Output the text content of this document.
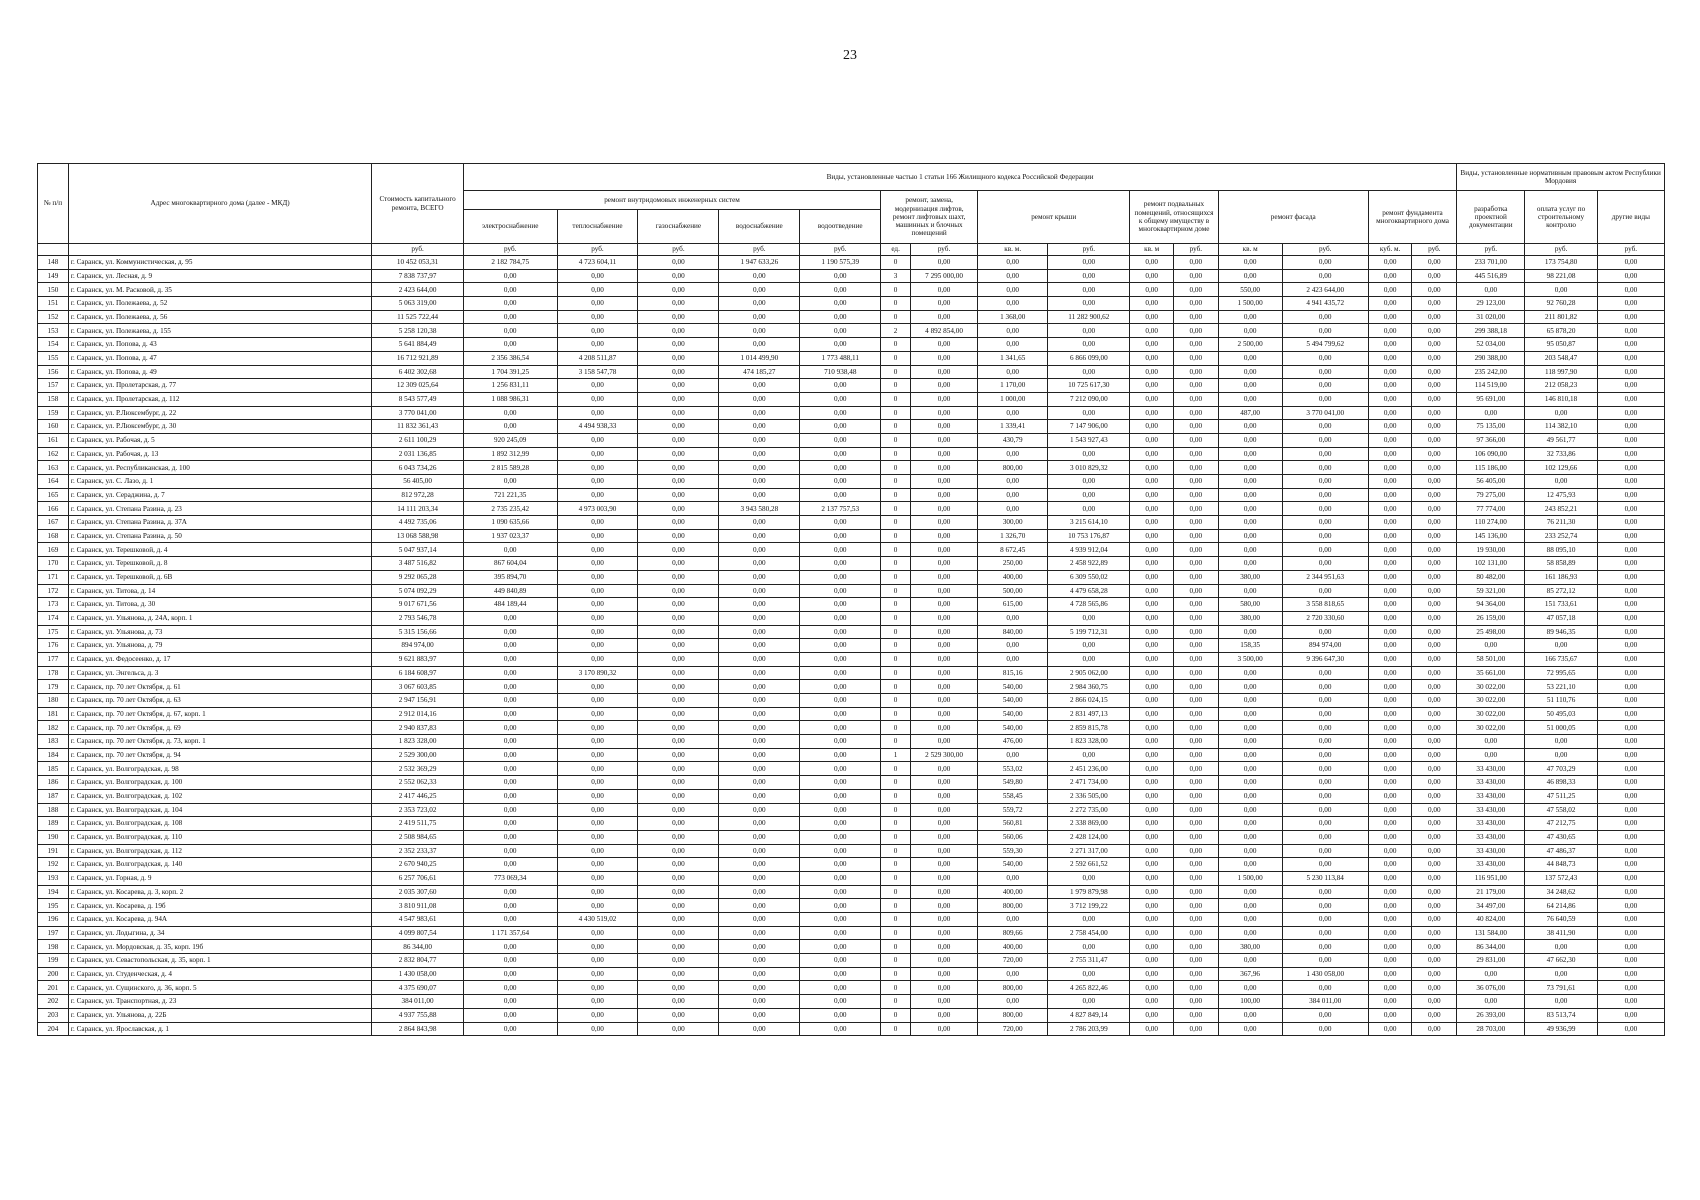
23
№ п/п	Адрес многоквартирного дома (далее - МКД)	Стоимость капитального ремонта, ВСЕГО	Виды, установленные частью 1 статьи 166 Жилищного кодекса Российской Федерации															Виды, установленные нормативным правовым актом Республики Мордовия		
			ремонт внутридомовых инженерных систем					ремонт, замена, модернизация лифтов, ремонт лифтовых шахт, машинных и блочных помещений		ремонт крыши		ремонт подвальных помещений, относящихся к общему имуществу в многоквартирном доме		ремонт фасада		ремонт фундамента многоквартирного дома		разработка проектной документации	оплата услуг по строительному контролю	другие виды
			электроснабжение	теплоснабжение	газоснабжение	водоснабжение	водоотведение													
		руб.	руб.	руб.	руб.	руб.	руб.	ед.	руб.	кв. м.	руб.	кв. м	руб.	кв. м	руб.	куб. м.	руб.	руб.	руб.	руб.
148	г. Саранск, ул. Коммунистическая, д. 95	10 452 053,31	2 182 784,75	4 723 604,11	0,00	1 947 633,26	1 190 575,39	0	0,00	0,00	0,00	0,00	0,00	0,00	0,00	0,00	0,00	233 701,00	173 754,80	0,00
149	г. Саранск, ул. Лесная, д. 9	7 838 737,97	0,00	0,00	0,00	0,00	0,00	3	7 295 000,00	0,00	0,00	0,00	0,00	0,00	0,00	0,00	0,00	445 516,89	98 221,08	0,00
150	г. Саранск, ул. М. Расковой, д. 35	2 423 644,00	0,00	0,00	0,00	0,00	0,00	0	0,00	0,00	0,00	0,00	0,00	550,00	2 423 644,00	0,00	0,00	0,00	0,00	0,00
151	г. Саранск, ул. Полежаева, д. 52	5 063 319,00	0,00	0,00	0,00	0,00	0,00	0	0,00	0,00	0,00	0,00	0,00	1 500,00	4 941 435,72	0,00	0,00	29 123,00	92 760,28	0,00
152	г. Саранск, ул. Полежаева, д. 56	11 525 722,44	0,00	0,00	0,00	0,00	0,00	0	0,00	1 368,00	11 282 900,62	0,00	0,00	0,00	0,00	0,00	0,00	31 020,00	211 801,82	0,00
153	г. Саранск, ул. Полежаева, д. 155	5 258 120,38	0,00	0,00	0,00	0,00	0,00	2	4 892 854,00	0,00	0,00	0,00	0,00	0,00	0,00	0,00	0,00	299 388,18	65 878,20	0,00
154	г. Саранск, ул. Попова, д. 43	5 641 884,49	0,00	0,00	0,00	0,00	0,00	0	0,00	0,00	0,00	0,00	0,00	2 500,00	5 494 799,62	0,00	0,00	52 034,00	95 050,87	0,00
155	г. Саранск, ул. Попова, д. 47	16 712 921,89	2 356 386,54	4 208 511,87	0,00	1 014 499,90	1 773 488,11	0	0,00	1 341,65	6 866 099,00	0,00	0,00	0,00	0,00	0,00	0,00	290 388,00	203 548,47	0,00
156	г. Саранск, ул. Попова, д. 49	6 402 302,68	1 704 391,25	3 158 547,78	0,00	474 185,27	710 938,48	0	0,00	0,00	0,00	0,00	0,00	0,00	0,00	0,00	0,00	235 242,00	118 997,90	0,00
157	г. Саранск, ул. Пролетарская, д. 77	12 309 025,64	1 256 831,11	0,00	0,00	0,00	0,00	0	0,00	1 170,00	10 725 617,30	0,00	0,00	0,00	0,00	0,00	0,00	114 519,00	212 058,23	0,00
158	г. Саранск, ул. Пролетарская, д. 112	8 543 577,49	1 088 986,31	0,00	0,00	0,00	0,00	0	0,00	1 000,00	7 212 090,00	0,00	0,00	0,00	0,00	0,00	0,00	95 691,00	146 810,18	0,00
159	г. Саранск, ул. Р.Люксембург, д. 22	3 770 041,00	0,00	0,00	0,00	0,00	0,00	0	0,00	0,00	0,00	0,00	0,00	487,00	3 770 041,00	0,00	0,00	0,00	0,00	0,00
160	г. Саранск, ул. Р.Люксембург, д. 30	11 832 361,43	0,00	4 494 938,33	0,00	0,00	0,00	0	0,00	1 339,41	7 147 906,00	0,00	0,00	0,00	0,00	0,00	0,00	75 135,00	114 382,10	0,00
161	г. Саранск, ул. Рабочая, д. 5	2 611 100,29	920 245,09	0,00	0,00	0,00	0,00	0	0,00	430,79	1 543 927,43	0,00	0,00	0,00	0,00	0,00	0,00	97 366,00	49 561,77	0,00
162	г. Саранск, ул. Рабочая, д. 13	2 031 136,85	1 892 312,99	0,00	0,00	0,00	0,00	0	0,00	0,00	0,00	0,00	0,00	0,00	0,00	0,00	0,00	106 090,00	32 733,86	0,00
163	г. Саранск, ул. Республиканская, д. 100	6 043 734,26	2 815 589,28	0,00	0,00	0,00	0,00	0	0,00	800,00	3 010 829,32	0,00	0,00	0,00	0,00	0,00	0,00	115 186,00	102 129,66	0,00
164	г. Саранск, ул. С. Лазо, д. 1	56 405,00	0,00	0,00	0,00	0,00	0,00	0	0,00	0,00	0,00	0,00	0,00	0,00	0,00	0,00	0,00	56 405,00	0,00	0,00
165	г. Саранск, ул. Сераджина, д. 7	812 972,28	721 221,35	0,00	0,00	0,00	0,00	0	0,00	0,00	0,00	0,00	0,00	0,00	0,00	0,00	0,00	79 275,00	12 475,93	0,00
166	г. Саранск, ул. Степана Разина, д. 23	14 111 203,34	2 735 235,42	4 973 003,90	0,00	3 943 580,28	2 137 757,53	0	0,00	0,00	0,00	0,00	0,00	0,00	0,00	0,00	0,00	77 774,00	243 852,21	0,00
167	г. Саранск, ул. Степана Разина, д. 37А	4 492 735,06	1 090 635,66	0,00	0,00	0,00	0,00	0	0,00	300,00	3 215 614,10	0,00	0,00	0,00	0,00	0,00	0,00	110 274,00	76 211,30	0,00
168	г. Саранск, ул. Степана Разина, д. 50	13 068 588,98	1 937 023,37	0,00	0,00	0,00	0,00	0	0,00	1 326,70	10 753 176,87	0,00	0,00	0,00	0,00	0,00	0,00	145 136,00	233 252,74	0,00
169	г. Саранск, ул. Терешковой, д. 4	5 047 937,14	0,00	0,00	0,00	0,00	0,00	0	0,00	8 672,45	4 939 912,04	0,00	0,00	0,00	0,00	0,00	0,00	19 930,00	88 095,10	0,00
170	г. Саранск, ул. Терешковой, д. 8	3 487 516,82	867 604,04	0,00	0,00	0,00	0,00	0	0,00	250,00	2 458 922,89	0,00	0,00	0,00	0,00	0,00	0,00	102 131,00	58 858,89	0,00
171	г. Саранск, ул. Терешковой, д. 6В	9 292 065,28	395 894,70	0,00	0,00	0,00	0,00	0	0,00	400,00	6 309 550,02	0,00	0,00	380,00	2 344 951,63	0,00	0,00	80 482,00	161 186,93	0,00
172	г. Саранск, ул. Титова, д. 14	5 074 092,29	449 840,89	0,00	0,00	0,00	0,00	0	0,00	500,00	4 479 658,28	0,00	0,00	0,00	0,00	0,00	0,00	59 321,00	85 272,12	0,00
173	г. Саранск, ул. Титова, д. 30	9 017 671,56	484 189,44	0,00	0,00	0,00	0,00	0	0,00	615,00	4 728 565,86	0,00	0,00	580,00	3 558 818,65	0,00	0,00	94 364,00	151 733,61	0,00
174	г. Саранск, ул. Ульянова, д. 24А, корп. 1	2 793 546,78	0,00	0,00	0,00	0,00	0,00	0	0,00	0,00	0,00	0,00	0,00	380,00	2 720 330,60	0,00	0,00	26 159,00	47 057,18	0,00
175	г. Саранск, ул. Ульянова, д. 73	5 315 156,66	0,00	0,00	0,00	0,00	0,00	0	0,00	840,00	5 199 712,31	0,00	0,00	0,00	0,00	0,00	0,00	25 498,00	89 946,35	0,00
176	г. Саранск, ул. Ульянова, д. 79	894 974,00	0,00	0,00	0,00	0,00	0,00	0	0,00	0,00	0,00	0,00	0,00	158,35	894 974,00	0,00	0,00	0,00	0,00	0,00
177	г. Саранск, ул. Федосеенко, д. 17	9 621 883,97	0,00	0,00	0,00	0,00	0,00	0	0,00	0,00	0,00	0,00	0,00	3 500,00	9 396 647,30	0,00	0,00	58 501,00	166 735,67	0,00
178	г. Саранск, ул. Энгельса, д. 3	6 184 608,97	0,00	3 170 890,32	0,00	0,00	0,00	0	0,00	815,16	2 905 062,00	0,00	0,00	0,00	0,00	0,00	0,00	35 661,00	72 995,65	0,00
179	г. Саранск, пр. 70 лет Октября, д. 61	3 067 603,85	0,00	0,00	0,00	0,00	0,00	0	0,00	540,00	2 984 360,75	0,00	0,00	0,00	0,00	0,00	0,00	30 022,00	53 221,10	0,00
180	г. Саранск, пр. 70 лет Октября, д. 63	2 947 156,91	0,00	0,00	0,00	0,00	0,00	0	0,00	540,00	2 866 024,15	0,00	0,00	0,00	0,00	0,00	0,00	30 022,00	51 110,76	0,00
181	г. Саранск, пр. 70 лет Октября, д. 67, корп. 1	2 912 014,16	0,00	0,00	0,00	0,00	0,00	0	0,00	540,00	2 831 497,13	0,00	0,00	0,00	0,00	0,00	0,00	30 022,00	50 495,03	0,00
182	г. Саранск, пр. 70 лет Октября, д. 69	2 940 837,83	0,00	0,00	0,00	0,00	0,00	0	0,00	540,00	2 859 815,78	0,00	0,00	0,00	0,00	0,00	0,00	30 022,00	51 000,05	0,00
183	г. Саранск, пр. 70 лет Октября, д. 73, корп. 1	1 823 328,00	0,00	0,00	0,00	0,00	0,00	0	0,00	476,00	1 823 328,00	0,00	0,00	0,00	0,00	0,00	0,00	0,00	0,00	0,00
184	г. Саранск, пр. 70 лет Октября, д. 94	2 529 300,00	0,00	0,00	0,00	0,00	0,00	1	2 529 300,00	0,00	0,00	0,00	0,00	0,00	0,00	0,00	0,00	0,00	0,00	0,00
185	г. Саранск, ул. Волгоградская, д. 98	2 532 369,29	0,00	0,00	0,00	0,00	0,00	0	0,00	553,02	2 451 236,00	0,00	0,00	0,00	0,00	0,00	0,00	33 430,00	47 703,29	0,00
186	г. Саранск, ул. Волгоградская, д. 100	2 552 062,33	0,00	0,00	0,00	0,00	0,00	0	0,00	549,80	2 471 734,00	0,00	0,00	0,00	0,00	0,00	0,00	33 430,00	46 898,33	0,00
187	г. Саранск, ул. Волгоградская, д. 102	2 417 446,25	0,00	0,00	0,00	0,00	0,00	0	0,00	558,45	2 336 505,00	0,00	0,00	0,00	0,00	0,00	0,00	33 430,00	47 511,25	0,00
188	г. Саранск, ул. Волгоградская, д. 104	2 353 723,02	0,00	0,00	0,00	0,00	0,00	0	0,00	559,72	2 272 735,00	0,00	0,00	0,00	0,00	0,00	0,00	33 430,00	47 558,02	0,00
189	г. Саранск, ул. Волгоградская, д. 108	2 419 511,75	0,00	0,00	0,00	0,00	0,00	0	0,00	560,81	2 338 869,00	0,00	0,00	0,00	0,00	0,00	0,00	33 430,00	47 212,75	0,00
190	г. Саранск, ул. Волгоградская, д. 110	2 508 984,65	0,00	0,00	0,00	0,00	0,00	0	0,00	560,06	2 428 124,00	0,00	0,00	0,00	0,00	0,00	0,00	33 430,00	47 430,65	0,00
191	г. Саранск, ул. Волгоградская, д. 112	2 352 233,37	0,00	0,00	0,00	0,00	0,00	0	0,00	559,30	2 271 317,00	0,00	0,00	0,00	0,00	0,00	0,00	33 430,00	47 486,37	0,00
192	г. Саранск, ул. Волгоградская, д. 140	2 670 940,25	0,00	0,00	0,00	0,00	0,00	0	0,00	540,00	2 592 661,52	0,00	0,00	0,00	0,00	0,00	0,00	33 430,00	44 848,73	0,00
193	г. Саранск, ул. Горная, д. 9	6 257 706,61	773 069,34	0,00	0,00	0,00	0,00	0	0,00	0,00	0,00	0,00	0,00	1 500,00	5 230 113,84	0,00	0,00	116 951,00	137 572,43	0,00
194	г. Саранск, ул. Косарева, д. 3, корп. 2	2 035 307,60	0,00	0,00	0,00	0,00	0,00	0	0,00	400,00	1 979 879,98	0,00	0,00	0,00	0,00	0,00	0,00	21 179,00	34 248,62	0,00
195	г. Саранск, ул. Косарева, д. 19б	3 810 911,08	0,00	0,00	0,00	0,00	0,00	0	0,00	800,00	3 712 199,22	0,00	0,00	0,00	0,00	0,00	0,00	34 497,00	64 214,86	0,00
196	г. Саранск, ул. Косарева, д. 94А	4 547 983,61	0,00	4 430 519,02	0,00	0,00	0,00	0	0,00	0,00	0,00	0,00	0,00	0,00	0,00	0,00	0,00	40 824,00	76 640,59	0,00
197	г. Саранск, ул. Лодыгина, д. 34	4 099 807,54	1 171 357,64	0,00	0,00	0,00	0,00	0	0,00	809,66	2 758 454,00	0,00	0,00	0,00	0,00	0,00	0,00	131 584,00	38 411,90	0,00
198	г. Саранск, ул. Мордовская, д. 35, корп. 19б	86 344,00	0,00	0,00	0,00	0,00	0,00	0	0,00	400,00	0,00	0,00	0,00	380,00	0,00	0,00	0,00	86 344,00	0,00	0,00
199	г. Саранск, ул. Севастопольская, д. 35, корп. 1	2 832 804,77	0,00	0,00	0,00	0,00	0,00	0	0,00	720,00	2 755 311,47	0,00	0,00	0,00	0,00	0,00	0,00	29 831,00	47 662,30	0,00
200	г. Саранск, ул. Студенческая, д. 4	1 430 058,00	0,00	0,00	0,00	0,00	0,00	0	0,00	0,00	0,00	0,00	0,00	367,96	1 430 058,00	0,00	0,00	0,00	0,00	0,00
201	г. Саранск, ул. Сущинского, д. 36, корп. 5	4 375 690,07	0,00	0,00	0,00	0,00	0,00	0	0,00	800,00	4 265 822,46	0,00	0,00	0,00	0,00	0,00	0,00	36 076,00	73 791,61	0,00
202	г. Саранск, ул. Транспортная, д. 23	384 011,00	0,00	0,00	0,00	0,00	0,00	0	0,00	0,00	0,00	0,00	0,00	100,00	384 011,00	0,00	0,00	0,00	0,00	0,00
203	г. Саранск, ул. Ульянова, д. 22Б	4 937 755,88	0,00	0,00	0,00	0,00	0,00	0	0,00	800,00	4 827 849,14	0,00	0,00	0,00	0,00	0,00	0,00	26 393,00	83 513,74	0,00
204	г. Саранск, ул. Ярославская, д. 1	2 864 843,98	0,00	0,00	0,00	0,00	0,00	0	0,00	720,00	2 786 203,99	0,00	0,00	0,00	0,00	0,00	0,00	28 703,00	49 936,99	0,00
